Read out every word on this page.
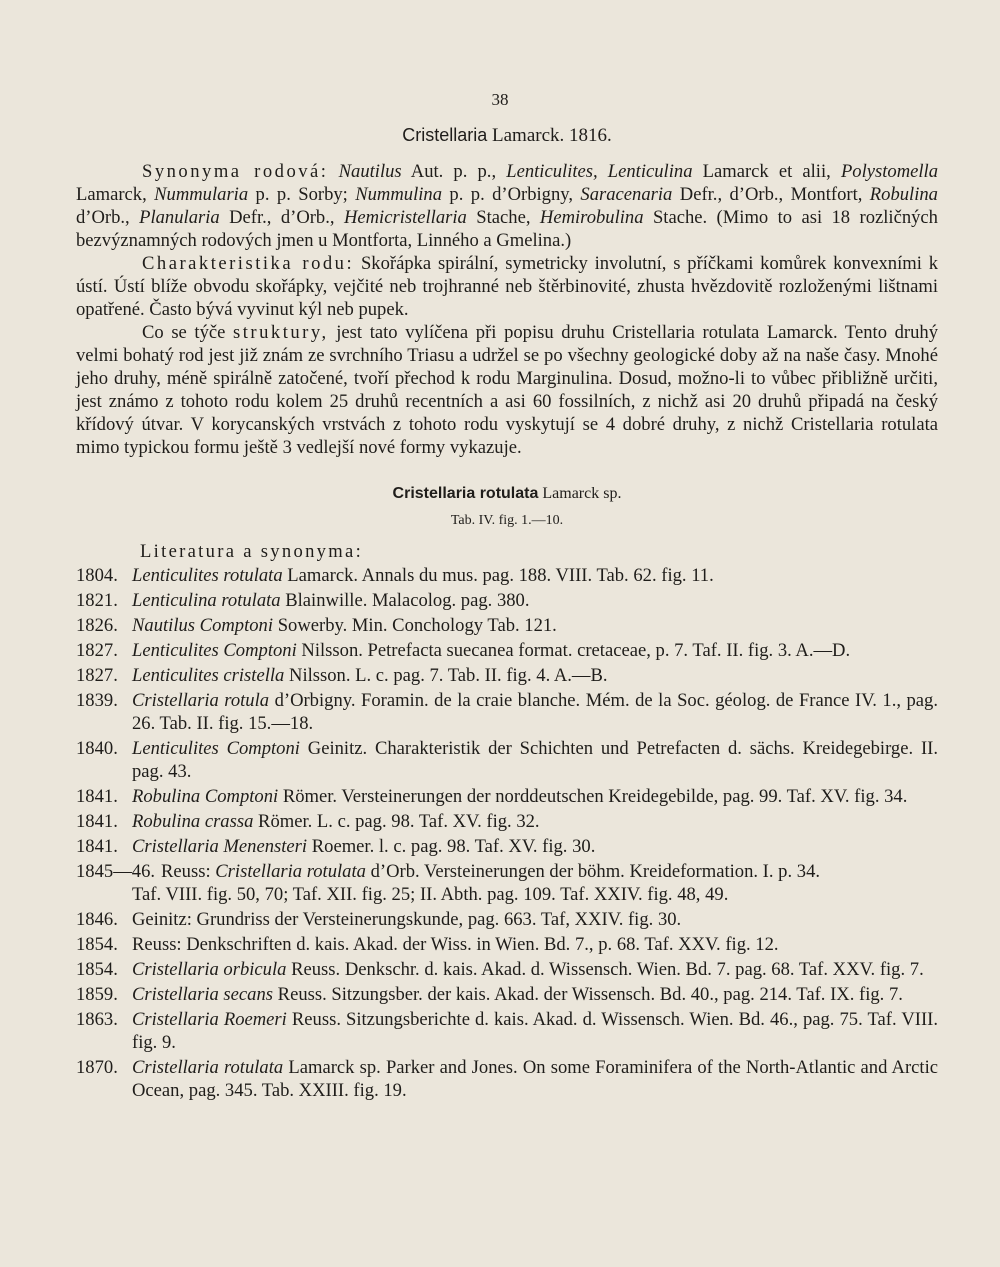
38
Cristellaria Lamarck. 1816.

Synonyma rodová: Nautilus Aut. p. p., Lenticulites, Lenticulina Lamarck et alii, Polystomella Lamarck, Nummularia p. p. Sorby; Nummulina p. p. d’Orbigny, Saracenaria Defr., d’Orb., Montfort, Robulina d’Orb., Planularia Defr., d’Orb., Hemicristellaria Stache, Hemirobulina Stache. (Mimo to asi 18 rozličných bezvýznamných rodových jmen u Montforta, Linného a Gmelina.)

Charakteristika rodu: Skořápka spirální, symetricky involutní, s příčkami komůrek konvexními k ústí. Ústí blíže obvodu skořápky, vejčité neb trojhranné neb štěrbinovité, zhusta hvězdovitě rozloženými lištnami opatřené. Často bývá vyvinut kýl neb pupek.

Co se týče struktury, jest tato vylíčena při popisu druhu Cristellaria rotulata Lamarck. Tento druhý velmi bohatý rod jest již znám ze svrchního Triasu a udržel se po všechny geologické doby až na naše časy. Mnohé jeho druhy, méně spirálně zatočené, tvoří přechod k rodu Marginulina. Dosud, možno-li to vůbec přibližně určiti, jest známo z tohoto rodu kolem 25 druhů recentních a asi 60 fossilních, z nichž asi 20 druhů připadá na český křídový útvar. V korycanských vrstvách z tohoto rodu vyskytují se 4 dobré druhy, z nichž Cristellaria rotulata mimo typickou formu ještě 3 vedlejší nové formy vykazuje.

Cristellaria rotulata Lamarck sp.
Tab. IV. fig. 1.—10.
Literatura a synonyma:
1804. Lenticulites rotulata Lamarck. Annals du mus. pag. 188. VIII. Tab. 62. fig. 11.
1821. Lenticulina rotulata Blainwille. Malacolog. pag. 380.
1826. Nautilus Comptoni Sowerby. Min. Conchology Tab. 121.
1827. Lenticulites Comptoni Nilsson. Petrefacta suecanea format. cretaceae, p. 7. Taf. II. fig. 3. A.—D.
1827. Lenticulites cristella Nilsson. L. c. pag. 7. Tab. II. fig. 4. A.—B.
1839. Cristellaria rotula d’Orbigny. Foramin. de la craie blanche. Mém. de la Soc. géolog. de France IV. 1., pag. 26. Tab. II. fig. 15.—18.
1840. Lenticulites Comptoni Geinitz. Charakteristik der Schichten und Petrefacten d. sächs. Kreidegebirge. II. pag. 43.
1841. Robulina Comptoni Römer. Versteinerungen der norddeutschen Kreidegebilde, pag. 99. Taf. XV. fig. 34.
1841. Robulina crassa Römer. L. c. pag. 98. Taf. XV. fig. 32.
1841. Cristellaria Menensteri Roemer. l. c. pag. 98. Taf. XV. fig. 30.
1845—46. Reuss: Cristellaria rotulata d’Orb. Versteinerungen der böhm. Kreideformation. I. p. 34.
Taf. VIII. fig. 50, 70; Taf. XII. fig. 25; II. Abth. pag. 109. Taf. XXIV. fig. 48, 49.
1846. Geinitz: Grundriss der Versteinerungskunde, pag. 663. Taf, XXIV. fig. 30.
1854. Reuss: Denkschriften d. kais. Akad. der Wiss. in Wien. Bd. 7., p. 68. Taf. XXV. fig. 12.
1854. Cristellaria orbicula Reuss. Denkschr. d. kais. Akad. d. Wissensch. Wien. Bd. 7. pag. 68. Taf. XXV. fig. 7.
1859. Cristellaria secans Reuss. Sitzungsber. der kais. Akad. der Wissensch. Bd. 40., pag. 214. Taf. IX. fig. 7.
1863. Cristellaria Roemeri Reuss. Sitzungsberichte d. kais. Akad. d. Wissensch. Wien. Bd. 46., pag. 75. Taf. VIII. fig. 9.
1870. Cristellaria rotulata Lamarck sp. Parker and Jones. On some Foraminifera of the North-Atlantic and Arctic Ocean, pag. 345. Tab. XXIII. fig. 19.
